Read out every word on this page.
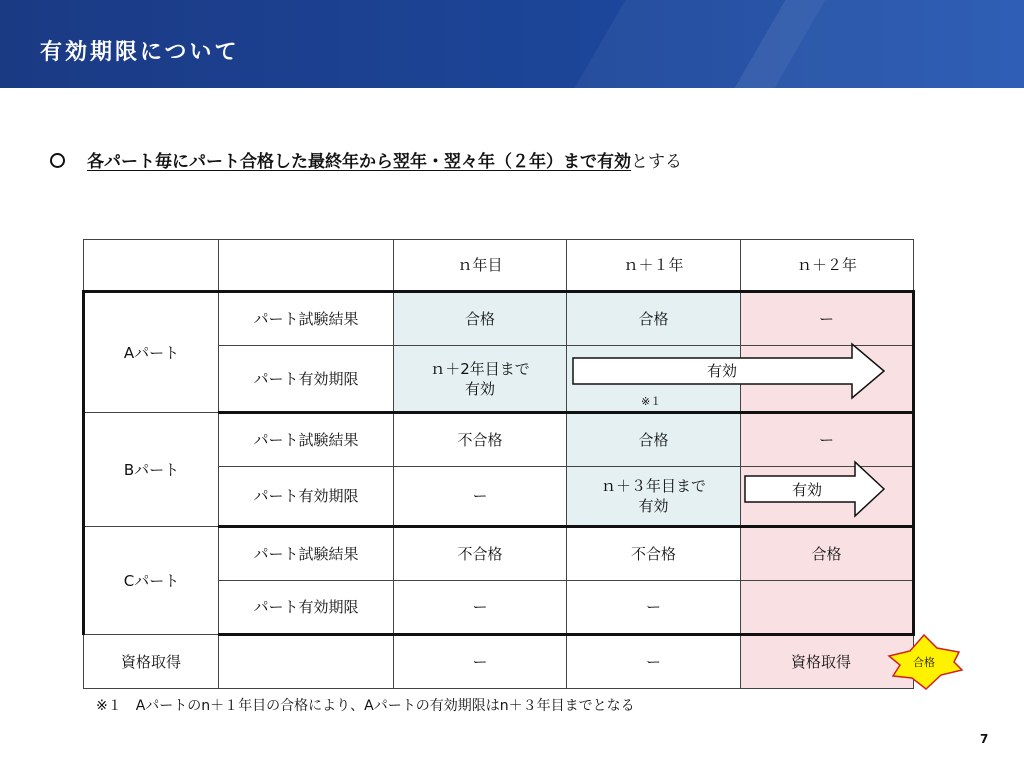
有効期限について
各パート毎にパート合格した最終年から翌年・翌々年（２年）まで有効とする
		ｎ年目	ｎ＋１年	ｎ＋２年
Aパート	パート試験結果	合格	合格	ー
	パート有効期限	ｎ＋2年目まで
有効		
Bパート	パート試験結果	不合格	合格	ー
	パート有効期限	ー	ｎ＋３年目まで
有効	
Cパート	パート試験結果	不合格	不合格	合格
	パート有効期限	ー	ー	
資格取得		ー	ー	資格取得
有効
有効
合格
※１
※１　Aパートのn＋１年目の合格により、Aパートの有効期限はn＋３年目までとなる
7
